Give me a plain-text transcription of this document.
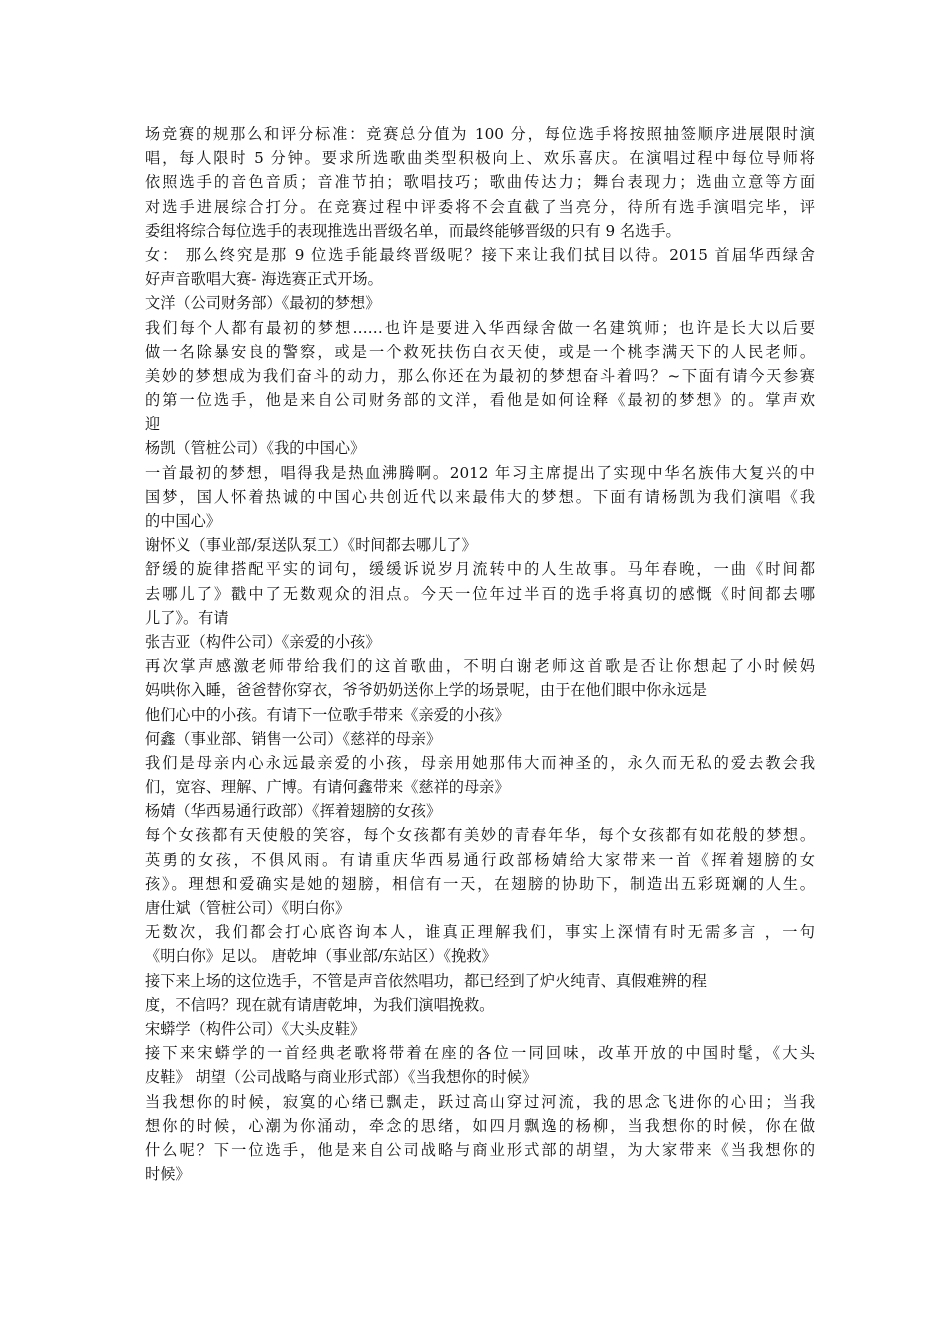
场竞赛的规那么和评分标准：竞赛总分值为 100 分，每位选手将按照抽签顺序进展限时演
唱，每人限时 5 分钟。要求所选歌曲类型积极向上、欢乐喜庆。在演唱过程中每位导师将
依照选手的音色音质；音准节拍；歌唱技巧；歌曲传达力；舞台表现力；选曲立意等方面
对选手进展综合打分。在竞赛过程中评委将不会直截了当亮分，待所有选手演唱完毕，评
委组将综合每位选手的表现推选出晋级名单，而最终能够晋级的只有 9 名选手。
女： 那么终究是那 9 位选手能最终晋级呢？接下来让我们拭目以待。2015 首届华西绿舍
好声音歌唱大赛- 海选赛正式开场。
文洋（公司财务部）《最初的梦想》
我们每个人都有最初的梦想……也许是要进入华西绿舍做一名建筑师；也许是长大以后要
做一名除暴安良的警察，或是一个救死扶伤白衣天使，或是一个桃李满天下的人民老师。
美妙的梦想成为我们奋斗的动力，那么你还在为最初的梦想奋斗着吗？~下面有请今天参赛
的第一位选手，他是来自公司财务部的文洋，看他是如何诠释《最初的梦想》的。掌声欢
迎
杨凯（管桩公司）《我的中国心》
一首最初的梦想，唱得我是热血沸腾啊。2012 年习主席提出了实现中华名族伟大复兴的中
国梦，国人怀着热诚的中国心共创近代以来最伟大的梦想。下面有请杨凯为我们演唱《我
的中国心》
谢怀义（事业部/泵送队泵工）《时间都去哪儿了》
舒缓的旋律搭配平实的词句，缓缓诉说岁月流转中的人生故事。马年春晚，一曲《时间都
去哪儿了》戳中了无数观众的泪点。今天一位年过半百的选手将真切的感慨《时间都去哪
儿了》。有请
张吉亚（构件公司）《亲爱的小孩》
再次掌声感激老师带给我们的这首歌曲，不明白谢老师这首歌是否让你想起了小时候妈
妈哄你入睡，爸爸替你穿衣，爷爷奶奶送你上学的场景呢，由于在他们眼中你永远是
他们心中的小孩。有请下一位歌手带来《亲爱的小孩》
何鑫（事业部、销售一公司）《慈祥的母亲》
我们是母亲内心永远最亲爱的小孩，母亲用她那伟大而神圣的，永久而无私的爱去教会我
们，宽容、理解、广博。有请何鑫带来《慈祥的母亲》
杨婧（华西易通行政部）《挥着翅膀的女孩》
每个女孩都有天使般的笑容，每个女孩都有美妙的青春年华，每个女孩都有如花般的梦想。
英勇的女孩，不俱风雨。有请重庆华西易通行政部杨婧给大家带来一首《挥着翅膀的女
孩》。理想和爱确实是她的翅膀，相信有一天，在翅膀的协助下，制造出五彩斑斓的人生。
唐仕斌（管桩公司）《明白你》
无数次，我们都会打心底咨询本人，谁真正理解我们，事实上深情有时无需多言 ，一句
《明白你》足以。 唐乾坤（事业部/东站区）《挽救》
接下来上场的这位选手，不管是声音依然唱功，都已经到了炉火纯青、真假难辨的程
度，不信吗？现在就有请唐乾坤，为我们演唱挽救。
宋蟒学（构件公司）《大头皮鞋》
接下来宋蟒学的一首经典老歌将带着在座的各位一同回味，改革开放的中国时髦，《大头
皮鞋》 胡望（公司战略与商业形式部）《当我想你的时候》
当我想你的时候，寂寞的心绪已飘走，跃过高山穿过河流，我的思念飞进你的心田；当我
想你的时候，心潮为你涌动，牵念的思绪，如四月飘逸的杨柳，当我想你的时候，你在做
什么呢？下一位选手，他是来自公司战略与商业形式部的胡望，为大家带来《当我想你的
时候》
